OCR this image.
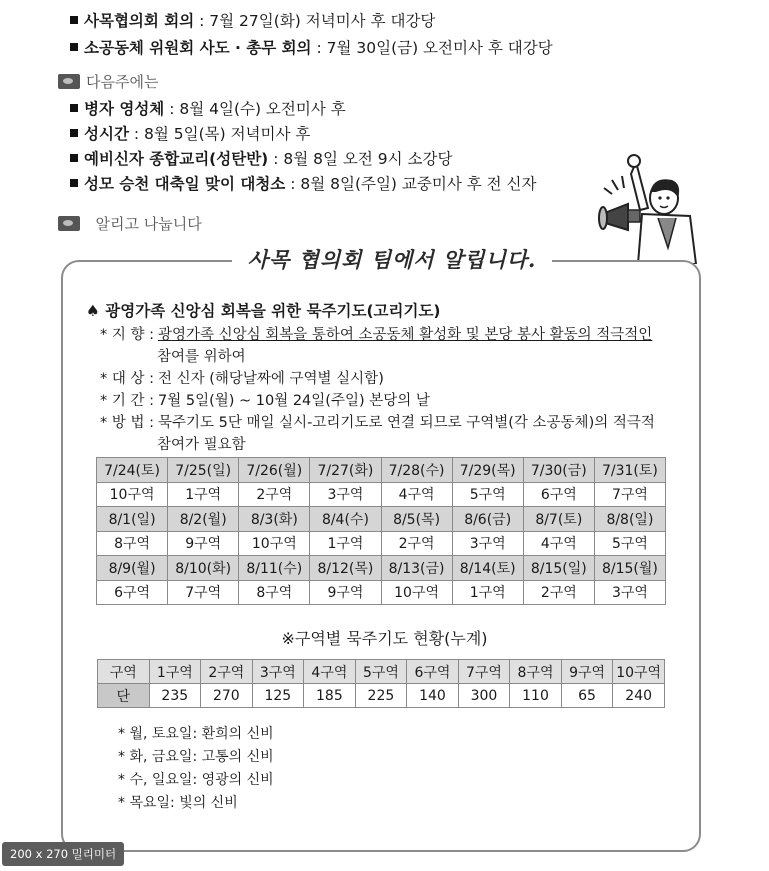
사목협의회 회의 : 7월 27일(화) 저녁미사 후 대강당
소공동체 위원회 사도 · 총무 회의 : 7월 30일(금) 오전미사 후 대강당
다음주에는
병자 영성체 : 8월 4일(수) 오전미사 후
성시간 : 8월 5일(목) 저녁미사 후
예비신자 종합교리(성탄반) : 8월 8일 오전 9시 소강당
성모 승천 대축일 맞이 대청소 : 8월 8일(주일) 교중미사 후 전 신자
알리고 나눕니다
사목 협의회 팀에서 알립니다.
♠ 광영가족 신앙심 회복을 위한 묵주기도(고리기도)
* 지 향 : 광영가족 신앙심 회복을 통하여 소공동체 활성화 및 본당 봉사 활동의 적극적인
참여를 위하여
* 대 상 : 전 신자 (해당날짜에 구역별 실시함)
* 기 간 : 7월 5일(월) ~ 10월 24일(주일) 본당의 날
* 방 법 : 묵주기도 5단 매일 실시-고리기도로 연결 되므로 구역별(각 소공동체)의 적극적
참여가 필요함
7/24(토)	7/25(일)	7/26(월)	7/27(화)	7/28(수)	7/29(목)	7/30(금)	7/31(토)
10구역	1구역	2구역	3구역	4구역	5구역	6구역	7구역
8/1(일)	8/2(월)	8/3(화)	8/4(수)	8/5(목)	8/6(금)	8/7(토)	8/8(일)
8구역	9구역	10구역	1구역	2구역	3구역	4구역	5구역
8/9(월)	8/10(화)	8/11(수)	8/12(목)	8/13(금)	8/14(토)	8/15(일)	8/15(월)
6구역	7구역	8구역	9구역	10구역	1구역	2구역	3구역
※구역별 묵주기도 현황(누계)
구역	1구역	2구역	3구역	4구역	5구역	6구역	7구역	8구역	9구역	10구역
단	235	270	125	185	225	140	300	110	65	240
* 월, 토요일: 환희의 신비
* 화, 금요일: 고통의 신비
* 수, 일요일: 영광의 신비
* 목요일: 빛의 신비
200 x 270 밀리미터
